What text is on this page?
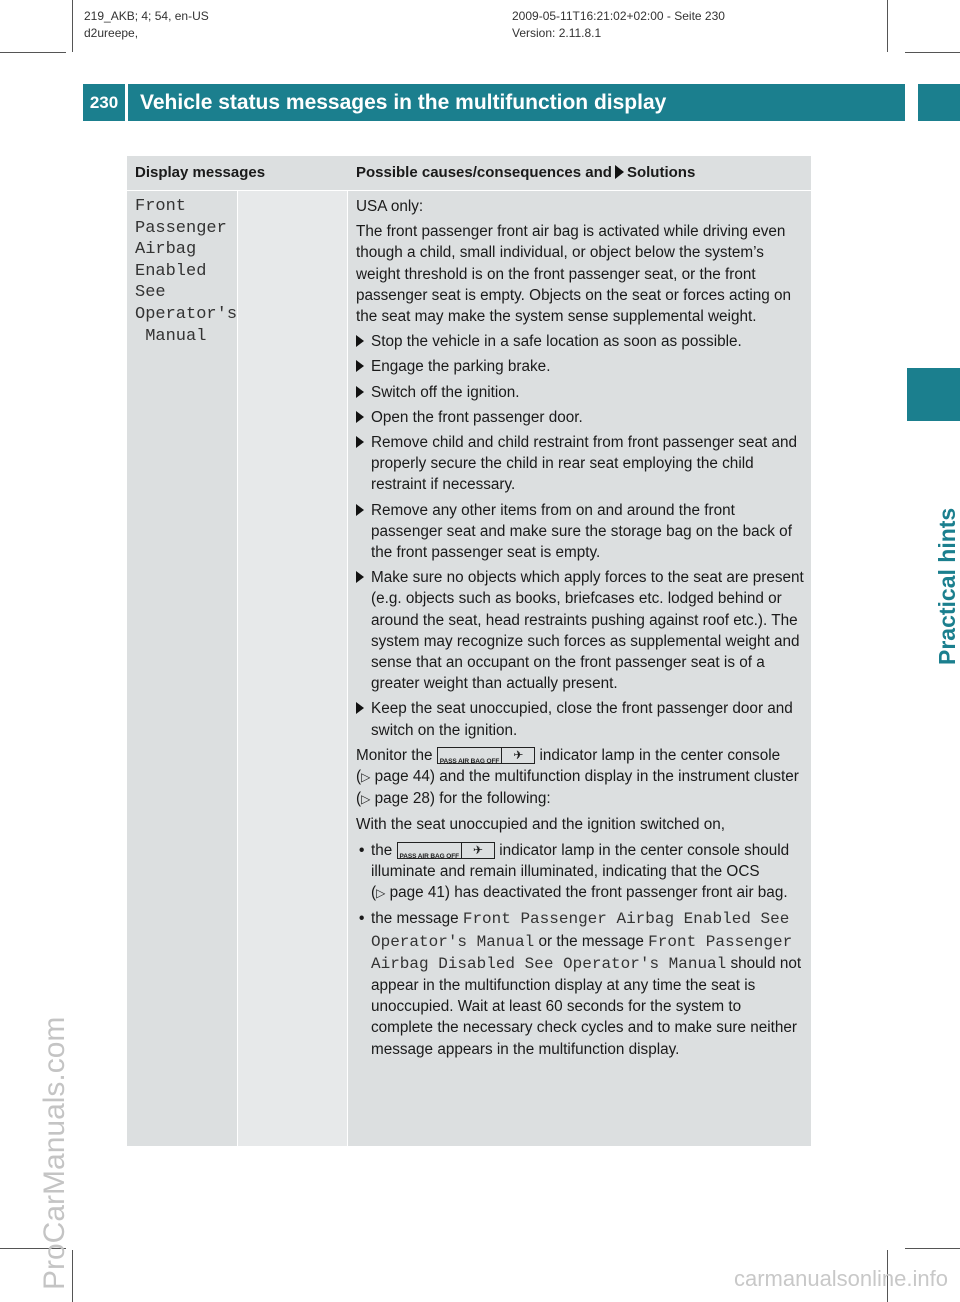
219_AKB; 4; 54, en-US
d2ureepe,
2009-05-11T16:21:02+02:00 - Seite 230
Version: 2.11.8.1
230	Vehicle status messages in the multifunction display
Practical hints
ProCarManuals.com	carmanualsonline.info
Display messages	Possible causes/consequences and Solutions
Front
Passenger
Airbag
Enabled
See
Operator's
Manual

USA only:

The front passenger front air bag is activated while driving even though a child, small individual, or object below the system’s weight threshold is on the front passenger seat, or the front passenger seat is empty. Objects on the seat or forces acting on the seat may make the system sense supplemental weight.

Stop the vehicle in a safe location as soon as possible.
Engage the parking brake.
Switch off the ignition.
Open the front passenger door.
Remove child and child restraint from front passenger seat and properly secure the child in rear seat employing the child restraint if necessary.
Remove any other items from on and around the front passenger seat and make sure the storage bag on the back of the front passenger seat is empty.
Make sure no objects which apply forces to the seat are present (e.g. objects such as books, briefcases etc. lodged behind or around the seat, head restraints pushing against roof etc.). The system may recognize such forces as supplemental weight and sense that an occupant on the front passenger seat is of a greater weight than actually present.
Keep the seat unoccupied, close the front passenger door and switch on the ignition.

Monitor the PASS AIR BAG OFF ✈ indicator lamp in the center console (▷ page 44) and the multifunction display in the instrument cluster (▷ page 28) for the following:

With the seat unoccupied and the ignition switched on,

• the PASS AIR BAG OFF ✈ indicator lamp in the center console should illuminate and remain illuminated, indicating that the OCS (▷ page 41) has deactivated the front passenger front air bag.
• the message Front Passenger Airbag Enabled See Operator's Manual or the message Front Passenger Airbag Disabled See Operator's Manual should not appear in the multifunction display at any time the seat is unoccupied. Wait at least 60 seconds for the system to complete the necessary check cycles and to make sure neither message appears in the multifunction display.
